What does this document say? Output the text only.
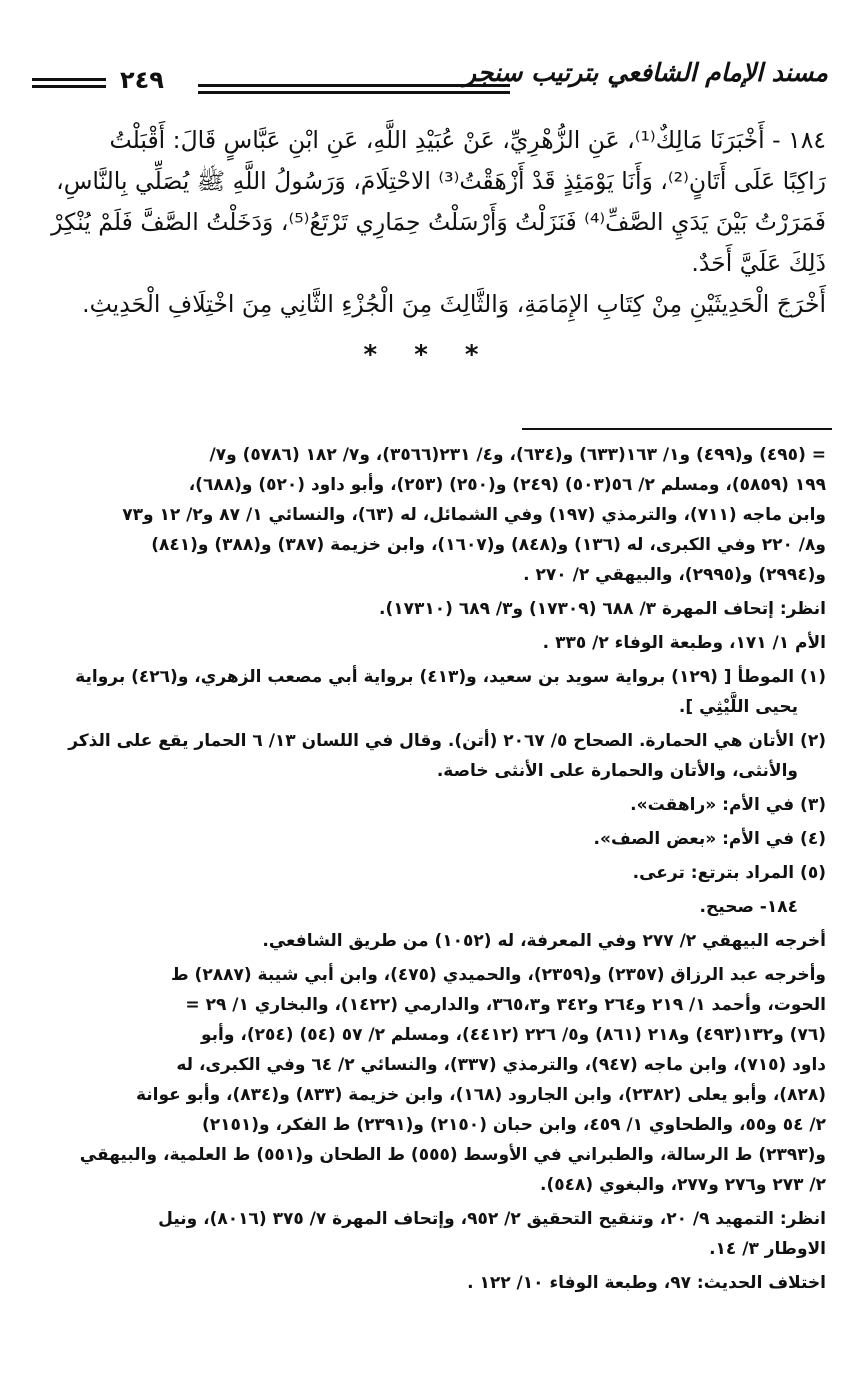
٢٤٩	مسند الإمام الشافعي بترتيب سنجر
١٨٤ - أَخْبَرَنَا مَالِكٌ⁽¹⁾، عَنِ الزُّهْرِيِّ، عَنْ عُبَيْدِ اللَّهِ، عَنِ ابْنِ عَبَّاسٍ قَالَ: أَقْبَلْتُ
رَاكِبًا عَلَى أَتَانٍ⁽²⁾، وَأَنَا يَوْمَئِذٍ قَدْ أَزْهَقْتُ⁽³⁾ الاحْتِلَامَ، وَرَسُولُ اللَّهِ ﷺ يُصَلِّي بِالنَّاسِ،
فَمَرَرْتُ بَيْنَ يَدَيِ الصَّفِّ⁽⁴⁾ فَنَزَلْتُ وَأَرْسَلْتُ حِمَارِي تَرْتَعُ⁽⁵⁾، وَدَخَلْتُ الصَّفَّ فَلَمْ يُنْكِرْ
ذَلِكَ عَلَيَّ أَحَدٌ.
أَخْرَجَ الْحَدِيثَيْنِ مِنْ كِتَابِ الإِمَامَةِ، وَالثَّالِثَ مِنَ الْجُزْءِ الثَّانِي مِنَ اخْتِلَافِ الْحَدِيثِ.
* * *
= (٤٩٥) و(٤٩٩) و١/ ١٦٣(٦٣٣) و(٦٣٤)، و٤/ ٢٣١(٣٥٦٦)، و٧/ ١٨٢ (٥٧٨٦) و٧/
١٩٩ (٥٨٥٩)، ومسلم ٢/ ٥٦(٥٠٣) (٢٤٩) و(٢٥٠) (٢٥٣)، وأبو داود (٥٢٠) و(٦٨٨)،
وابن ماجه (٧١١)، والترمذي (١٩٧) وفي الشمائل، له (٦٣)، والنسائي ١/ ٨٧ و٢/ ١٢ و٧٣
و٨/ ٢٢٠ وفي الكبرى، له (١٣٦) و(٨٤٨) و(١٦٠٧)، وابن خزيمة (٣٨٧) و(٣٨٨) و(٨٤١)
و(٢٩٩٤) و(٢٩٩٥)، والبيهقي ٢/ ٢٧٠ .
انظر: إتحاف المهرة ٣/ ٦٨٨ (١٧٣٠٩) و٣/ ٦٨٩ (١٧٣١٠).
الأم ١/ ١٧١، وطبعة الوفاء ٢/ ٣٣٥ .
(١) الموطأ [ (١٢٩) برواية سويد بن سعيد، و(٤١٣) برواية أبي مصعب الزهري، و(٤٢٦) برواية
يحيى اللَّيْثِي ].
(٢) الأتان هي الحمارة. الصحاح ٥/ ٢٠٦٧ (أتن). وقال في اللسان ١٣/ ٦ الحمار يقع على الذكر
والأنثى، والأتان والحمارة على الأنثى خاصة.
(٣) في الأم: «راهقت».
(٤) في الأم: «بعض الصف».
(٥) المراد بترتع: ترعى.
١٨٤- صحيح.
أخرجه البيهقي ٢/ ٢٧٧ وفي المعرفة، له (١٠٥٢) من طريق الشافعي.
وأخرجه عبد الرزاق (٢٣٥٧) و(٢٣٥٩)، والحميدي (٤٧٥)، وابن أبي شيبة (٢٨٨٧) ط
الحوت، وأحمد ١/ ٢١٩ و٢٦٤ و٣٤٢ و٣٦٥،٣، والدارمي (١٤٢٢)، والبخاري ١/ ٢٩ =
(٧٦) و١٣٢(٤٩٣) و٢١٨ (٨٦١) و٥/ ٢٢٦ (٤٤١٢)، ومسلم ٢/ ٥٧ (٥٤) (٢٥٤)، وأبو
داود (٧١٥)، وابن ماجه (٩٤٧)، والترمذي (٣٣٧)، والنسائي ٢/ ٦٤ وفي الكبرى، له
(٨٢٨)، وأبو يعلى (٢٣٨٢)، وابن الجارود (١٦٨)، وابن خزيمة (٨٣٣) و(٨٣٤)، وأبو عوانة
٢/ ٥٤ و٥٥، والطحاوي ١/ ٤٥٩، وابن حبان (٢١٥٠) و(٢٣٩١) ط الفكر، و(٢١٥١)
و(٢٣٩٣) ط الرسالة، والطبراني في الأوسط (٥٥٥) ط الطحان و(٥٥١) ط العلمية، والبيهقي
٢/ ٢٧٣ و٢٧٦ و٢٧٧، والبغوي (٥٤٨).
انظر: التمهيد ٩/ ٢٠، وتنقيح التحقيق ٢/ ٩٥٢، وإتحاف المهرة ٧/ ٣٧٥ (٨٠١٦)، ونيل
الاوطار ٣/ ١٤.
اختلاف الحديث: ٩٧، وطبعة الوفاء ١٠/ ١٢٢ .
